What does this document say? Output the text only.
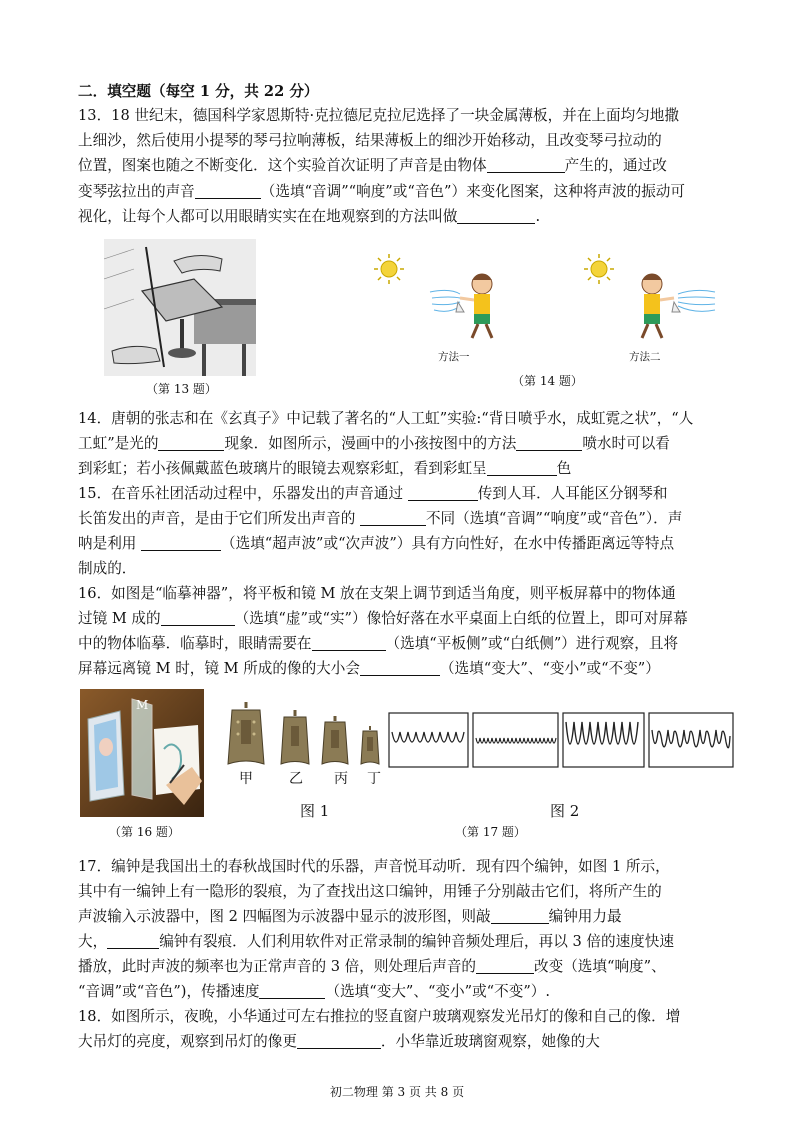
二．填空题（每空 1 分，共 22 分）
13．18 世纪末，德国科学家恩斯特·克拉德尼克拉尼选择了一块金属薄板，并在上面均匀地撒
上细沙，然后使用小提琴的琴弓拉响薄板，结果薄板上的细沙开始移动，且改变琴弓拉动的
位置，图案也随之不断变化．这个实验首次证明了声音是由物体	产生的，通过改
变琴弦拉出的声音	（选填“音调”“响度”或“音色”）来变化图案，这种将声波的振动可
视化，让每个人都可以用眼睛实实在在地观察到的方法叫做	.
（第 13 题）
方法一	方法二
（第 14 题）
14．唐朝的张志和在《玄真子》中记载了著名的“人工虹”实验:“背日喷乎水，成虹霓之状”，“人
工虹”是光的	现象．如图所示，漫画中的小孩按图中的方法	喷水时可以看
到彩虹；若小孩佩戴蓝色玻璃片的眼镜去观察彩虹，看到彩虹呈	色
15．在音乐社团活动过程中，乐器发出的声音通过	传到人耳．人耳能区分钢琴和
长笛发出的声音，是由于它们所发出声音的	不同（选填“音调”“响度”或“音色”）．声
呐是利用	（选填“超声波”或“次声波”）具有方向性好，在水中传播距离远等特点
制成的．
16．如图是“临摹神器”，将平板和镜 M 放在支架上调节到适当角度，则平板屏幕中的物体通
过镜 M 成的	（选填“虚”或“实”）像恰好落在水平桌面上白纸的位置上，即可对屏幕
中的物体临摹．临摹时，眼睛需要在	（选填“平板侧”或“白纸侧”）进行观察，且将
屏幕远离镜 M 时，镜 M 所成的像的大小会	（选填“变大”、“变小”或“不变”）
M
（第 16 题）
甲	乙 丙 丁
图 1	图 2
（第 17 题）
17．编钟是我国出土的春秋战国时代的乐器，声音悦耳动听．现有四个编钟，如图 1 所示，
其中有一编钟上有一隐形的裂痕，为了查找出这口编钟，用锤子分别敲击它们，将所产生的
声波输入示波器中，图 2 四幅图为示波器中显示的波形图，则敲	编钟用力最
大，	编钟有裂痕．人们利用软件对正常录制的编钟音频处理后，再以 3 倍的速度快速
播放，此时声波的频率也为正常声音的 3 倍，则处理后声音的	改变（选填“响度”、
“音调”或“音色”)，传播速度	（选填“变大”、“变小”或“不变”）.
18．如图所示，夜晚，小华通过可左右推拉的竖直窗户玻璃观察发光吊灯的像和自己的像．增
大吊灯的亮度，观察到吊灯的像更	．小华靠近玻璃窗观察，她像的大
初二物理 第 3 页 共 8 页
